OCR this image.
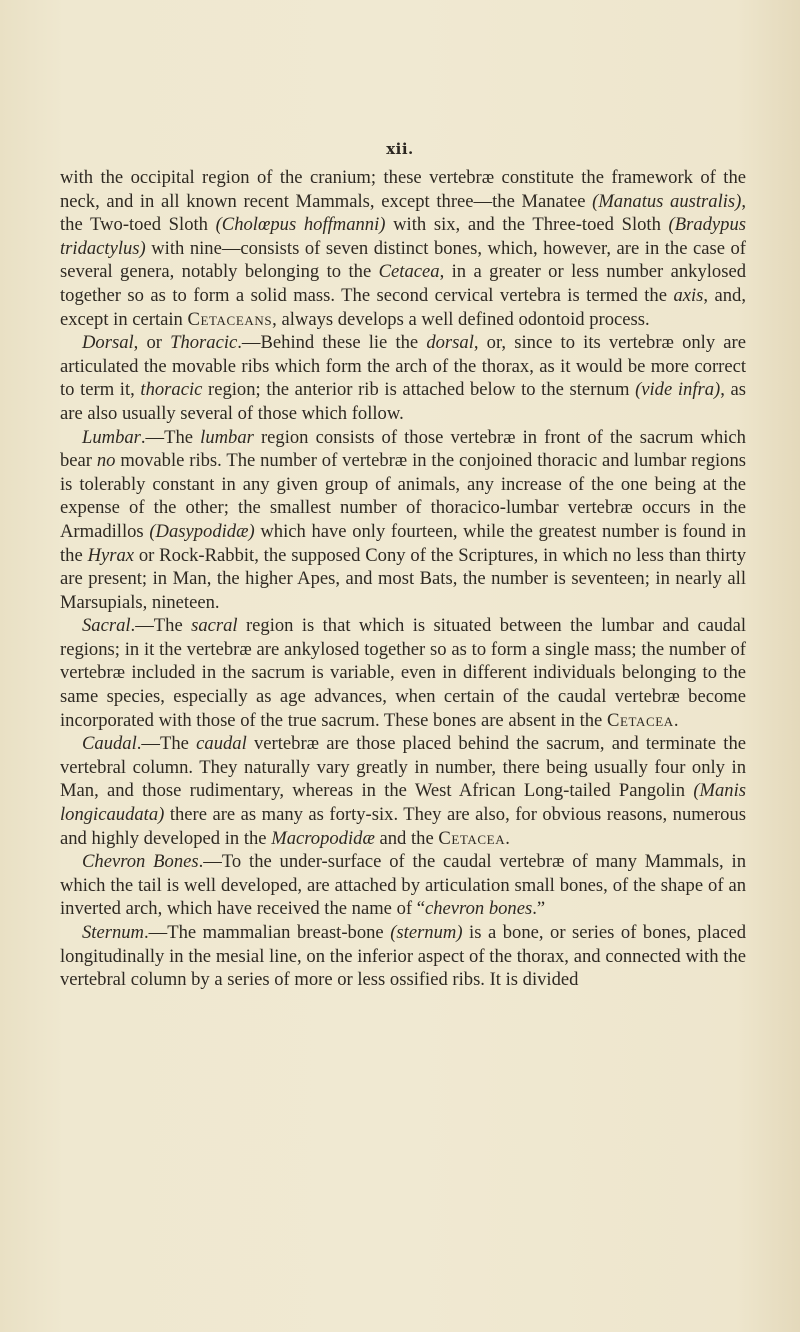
xii.

with the occipital region of the cranium; these vertebræ constitute the framework of the neck, and in all known recent Mammals, except three—the Manatee (Manatus australis), the Two-toed Sloth (Cholœpus hoffmanni) with six, and the Three-toed Sloth (Bradypus tridactylus) with nine—consists of seven distinct bones, which, however, are in the case of several genera, notably belonging to the Cetacea, in a greater or less number ankylosed together so as to form a solid mass. The second cervical vertebra is termed the axis, and, except in certain Cetaceans, always develops a well defined odontoid process.

Dorsal, or Thoracic.—Behind these lie the dorsal, or, since to its vertebræ only are articulated the movable ribs which form the arch of the thorax, as it would be more correct to term it, thoracic region; the anterior rib is attached below to the sternum (vide infra), as are also usually several of those which follow.

Lumbar.—The lumbar region consists of those vertebræ in front of the sacrum which bear no movable ribs. The number of vertebræ in the conjoined thoracic and lumbar regions is tolerably constant in any given group of animals, any increase of the one being at the expense of the other; the smallest number of thoracico-lumbar vertebræ occurs in the Armadillos (Dasypodidæ) which have only fourteen, while the greatest number is found in the Hyrax or Rock-Rabbit, the supposed Cony of the Scriptures, in which no less than thirty are present; in Man, the higher Apes, and most Bats, the number is seventeen; in nearly all Marsupials, nineteen.

Sacral.—The sacral region is that which is situated between the lumbar and caudal regions; in it the vertebræ are ankylosed together so as to form a single mass; the number of vertebræ included in the sacrum is variable, even in different individuals belonging to the same species, especially as age advances, when certain of the caudal vertebræ become incorporated with those of the true sacrum. These bones are absent in the Cetacea.

Caudal.—The caudal vertebræ are those placed behind the sacrum, and terminate the vertebral column. They naturally vary greatly in number, there being usually four only in Man, and those rudimentary, whereas in the West African Long-tailed Pangolin (Manis longicaudata) there are as many as forty-six. They are also, for obvious reasons, numerous and highly developed in the Macropodidæ and the Cetacea.

Chevron Bones.—To the under-surface of the caudal vertebræ of many Mammals, in which the tail is well developed, are attached by articulation small bones, of the shape of an inverted arch, which have received the name of “chevron bones.”

Sternum.—The mammalian breast-bone (sternum) is a bone, or series of bones, placed longitudinally in the mesial line, on the inferior aspect of the thorax, and connected with the vertebral column by a series of more or less ossified ribs. It is divided
